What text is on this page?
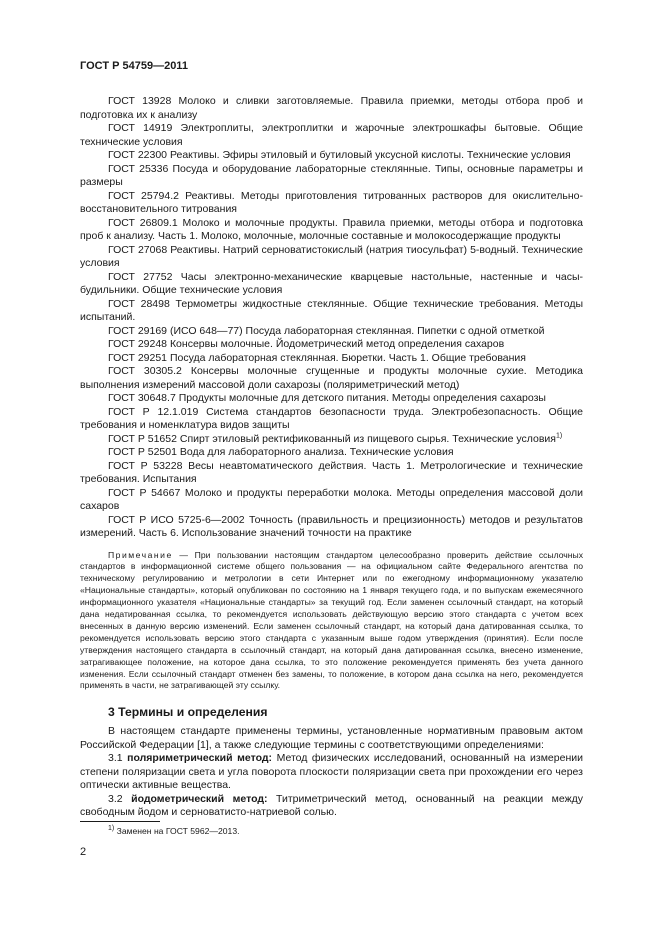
ГОСТ Р 54759—2011

ГОСТ 13928 Молоко и сливки заготовляемые. Правила приемки, методы отбора проб и подготовка их к анализу

ГОСТ 14919 Электроплиты, электроплитки и жарочные электрошкафы бытовые. Общие технические условия

ГОСТ 22300 Реактивы. Эфиры этиловый и бутиловый уксусной кислоты. Технические условия

ГОСТ 25336 Посуда и оборудование лабораторные стеклянные. Типы, основные параметры и размеры

ГОСТ 25794.2 Реактивы. Методы приготовления титрованных растворов для окислительно-восстановительного титрования

ГОСТ 26809.1 Молоко и молочные продукты. Правила приемки, методы отбора и подготовка проб к анализу. Часть 1. Молоко, молочные, молочные составные и молокосодержащие продукты

ГОСТ 27068 Реактивы. Натрий серноватистокислый (натрия тиосульфат) 5-водный. Технические условия

ГОСТ 27752 Часы электронно-механические кварцевые настольные, настенные и часы-будильники. Общие технические условия

ГОСТ 28498 Термометры жидкостные стеклянные. Общие технические требования. Методы испытаний.

ГОСТ 29169 (ИСО 648—77) Посуда лабораторная стеклянная. Пипетки с одной отметкой

ГОСТ 29248 Консервы молочные. Йодометрический метод определения сахаров

ГОСТ 29251 Посуда лабораторная стеклянная. Бюретки. Часть 1. Общие требования

ГОСТ 30305.2 Консервы молочные сгущенные и продукты молочные сухие. Методика выполнения измерений массовой доли сахарозы (поляриметрический метод)

ГОСТ 30648.7 Продукты молочные для детского питания. Методы определения сахарозы

ГОСТ Р 12.1.019 Система стандартов безопасности труда. Электробезопасность. Общие требования и номенклатура видов защиты

ГОСТ Р 51652 Спирт этиловый ректификованный из пищевого сырья. Технические условия$^{1)}$

ГОСТ Р 52501 Вода для лабораторного анализа. Технические условия

ГОСТ Р 53228 Весы неавтоматического действия. Часть 1. Метрологические и технические требования. Испытания

ГОСТ Р 54667 Молоко и продукты переработки молока. Методы определения массовой доли сахаров

ГОСТ Р ИСО 5725-6—2002 Точность (правильность и прецизионность) методов и результатов измерений. Часть 6. Использование значений точности на практике

Примечание — При пользовании настоящим стандартом целесообразно проверить действие ссылочных стандартов в информационной системе общего пользования — на официальном сайте Федерального агентства по техническому регулированию и метрологии в сети Интернет или по ежегодному информационному указателю «Национальные стандарты», который опубликован по состоянию на 1 января текущего года, и по выпускам ежемесячного информационного указателя «Национальные стандарты» за текущий год. Если заменен ссылочный стандарт, на который дана недатированная ссылка, то рекомендуется использовать действующую версию этого стандарта с учетом всех внесенных в данную версию изменений. Если заменен ссылочный стандарт, на который дана датированная ссылка, то рекомендуется использовать версию этого стандарта с указанным выше годом утверждения (принятия). Если после утверждения настоящего стандарта в ссылочный стандарт, на который дана датированная ссылка, внесено изменение, затрагивающее положение, на которое дана ссылка, то это положение рекомендуется применять без учета данного изменения. Если ссылочный стандарт отменен без замены, то положение, в котором дана ссылка на него, рекомендуется применять в части, не затрагивающей эту ссылку.

3 Термины и определения

В настоящем стандарте применены термины, установленные нормативным правовым актом Российской Федерации [1], а также следующие термины с соответствующими определениями:

3.1 поляриметрический метод: Метод физических исследований, основанный на измерении степени поляризации света и угла поворота плоскости поляризации света при прохождении его через оптически активные вещества.

3.2 йодометрический метод: Титриметрический метод, основанный на реакции между свободным йодом и серноватисто-натриевой солью.

$^{1)}$ Заменен на ГОСТ 5962—2013.
2
